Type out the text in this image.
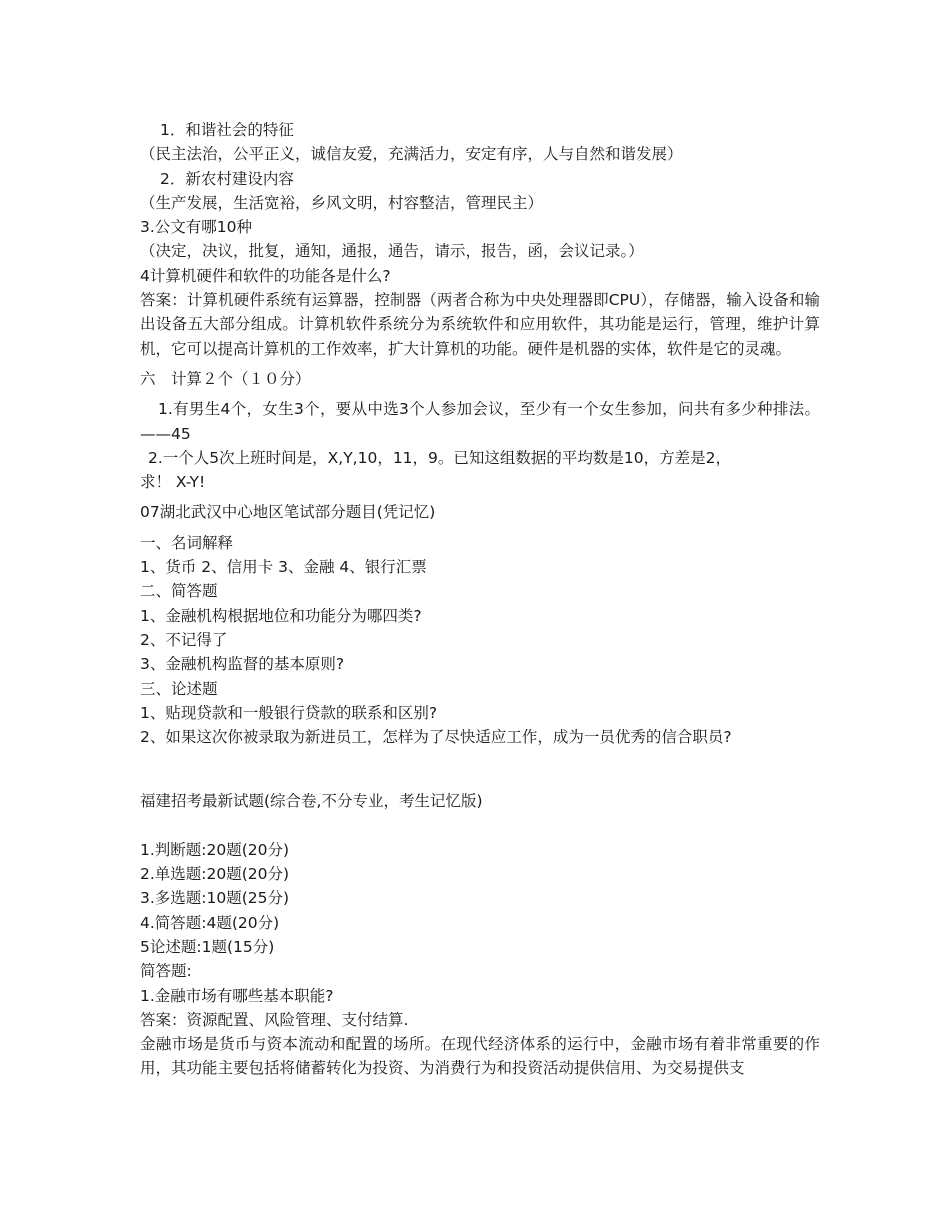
1．和谐社会的特征
（民主法治，公平正义，诚信友爱，充满活力，安定有序，人与自然和谐发展）
2．新农村建设内容
（生产发展，生活宽裕，乡风文明，村容整洁，管理民主）
3.公文有哪10种
（决定，决议，批复，通知，通报，通告，请示，报告，函，会议记录。）
4计算机硬件和软件的功能各是什么?
答案：计算机硬件系统有运算器，控制器（两者合称为中央处理器即CPU），存储器，输入设备和输出设备五大部分组成。计算机软件系统分为系统软件和应用软件，其功能是运行，管理，维护计算机，它可以提高计算机的工作效率，扩大计算机的功能。硬件是机器的实体，软件是它的灵魂。
六　计算２个（１０分）
1.有男生4个，女生3个，要从中选3个人参加会议，至少有一个女生参加，问共有多少种排法。——45
2.一个人5次上班时间是，X,Y,10，11，9。已知这组数据的平均数是10，方差是2，
求！ X-Y!
07湖北武汉中心地区笔试部分题目(凭记忆)
一、名词解释
1、货币 2、信用卡 3、金融 4、银行汇票
二、简答题
1、金融机构根据地位和功能分为哪四类?
2、不记得了
3、金融机构监督的基本原则?
三、论述题
1、贴现贷款和一般银行贷款的联系和区别?
2、如果这次你被录取为新进员工，怎样为了尽快适应工作，成为一员优秀的信合职员?
福建招考最新试题(综合卷,不分专业，考生记忆版)
1.判断题:20题(20分)
2.单选题:20题(20分)
3.多选题:10题(25分)
4.简答题:4题(20分)
5论述题:1题(15分)
简答题:
1.金融市场有哪些基本职能?
答案：资源配置、风险管理、支付结算.
金融市场是货币与资本流动和配置的场所。在现代经济体系的运行中，金融市场有着非常重要的作用，其功能主要包括将储蓄转化为投资、为消费行为和投资活动提供信用、为交易提供支
